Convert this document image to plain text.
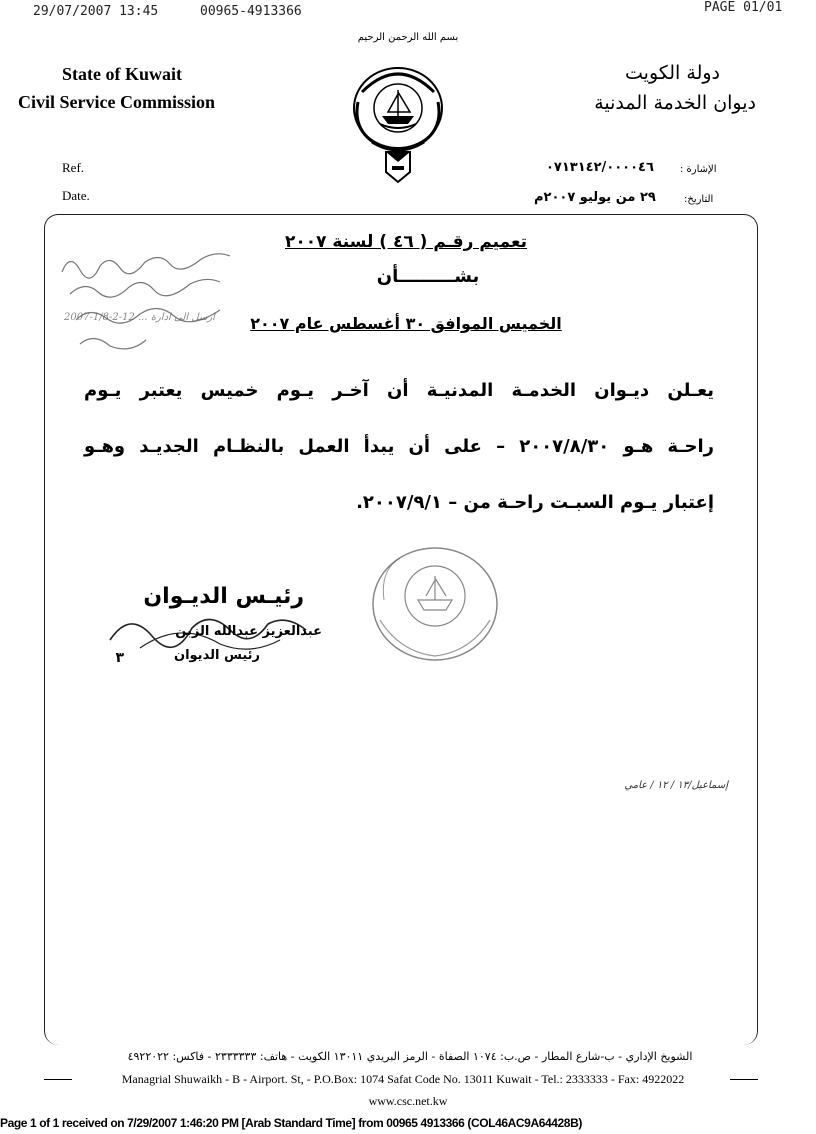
29/07/2007 13:45	00965-4913366	PAGE 01/01
بسم الله الرحمن الرحيم
State of Kuwait
Civil Service Commission
دولة الكويت
ديوان الخدمة المدنية
Ref.
Date.
الإشارة :
٠٧١٣١٤٢/٠٠٠٠٤٦
التاريخ:
٢٩ من يوليو ٢٠٠٧م
ارسل الى ادارة ... 12-2-1/8-2007
تعميم رقـم ( ٤٦ ) لسنة ٢٠٠٧
بشـــــــــأن
الخميس الموافق ٣٠ أغسطس عام ٢٠٠٧
يعـلن ديـوان الخدمـة المدنيـة أن آخـر يـوم خميس يعتبر يـوم
راحـة هـو ٢٠٠٧/٨/٣٠ – على أن يبدأ العمل بالنظـام الجديـد وهـو
إعتبار يـوم السبـت راحـة من – ٢٠٠٧/٩/١.
رئيـس الديـوان
عبدالعزيز عبدالله الزبن
رئيس الديوان
٣
إسماعيل/١٣ / ١٢ / عامي
الشويخ الإداري - ب-شارع المطار - ص.ب: ١٠٧٤ الصفاة - الرمز البريدي ١٣٠١١ الكويت - هاتف: ٢٣٣٣٣٣٣ - فاكس: ٤٩٢٢٠٢٢
Managrial Shuwaikh - B - Airport. St, - P.O.Box: 1074 Safat Code No. 13011 Kuwait - Tel.: 2333333 - Fax: 4922022
www.csc.net.kw
Page 1 of 1 received on 7/29/2007 1:46:20 PM [Arab Standard Time] from 00965 4913366 (COL46AC9A64428B)
